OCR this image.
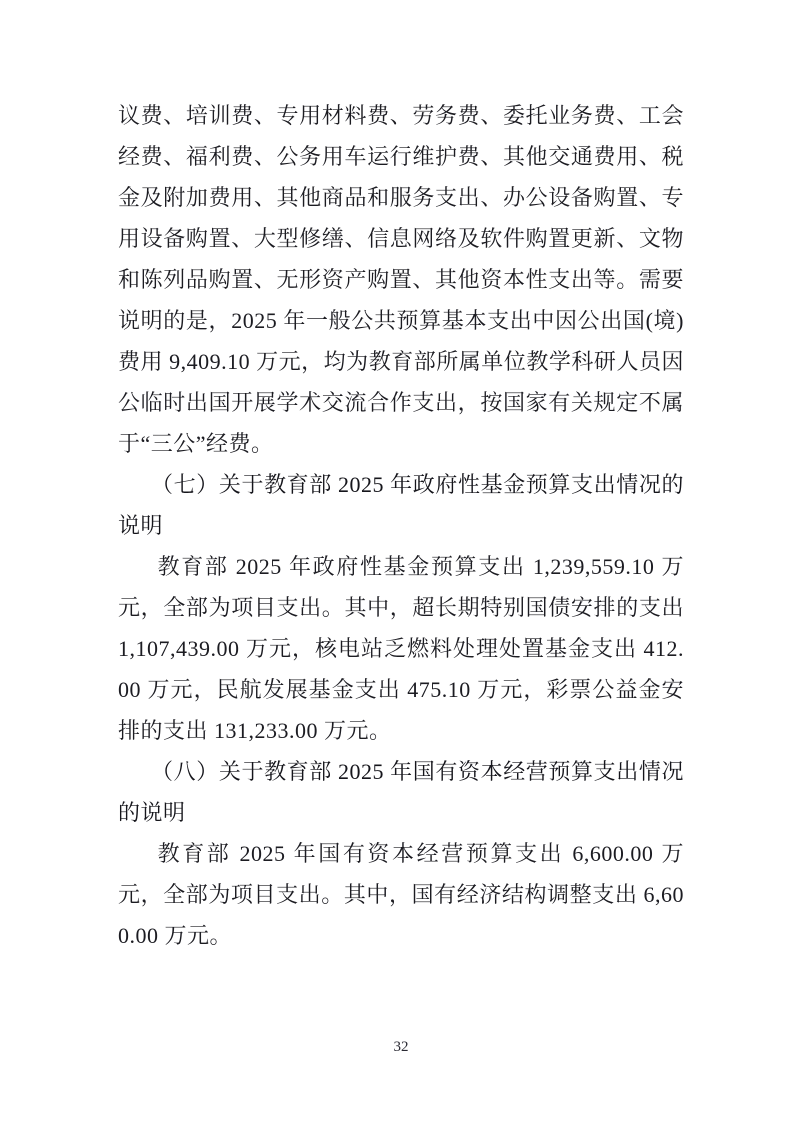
议费、培训费、专用材料费、劳务费、委托业务费、工会经费、福利费、公务用车运行维护费、其他交通费用、税金及附加费用、其他商品和服务支出、办公设备购置、专用设备购置、大型修缮、信息网络及软件购置更新、文物和陈列品购置、无形资产购置、其他资本性支出等。需要说明的是，2025 年一般公共预算基本支出中因公出国(境)费用 9,409.10 万元，均为教育部所属单位教学科研人员因公临时出国开展学术交流合作支出，按国家有关规定不属于“三公”经费。

（七）关于教育部 2025 年政府性基金预算支出情况的说明

教育部 2025 年政府性基金预算支出 1,239,559.10 万元，全部为项目支出。其中，超长期特别国债安排的支出 1,107,439.00 万元，核电站乏燃料处理处置基金支出 412.00 万元，民航发展基金支出 475.10 万元，彩票公益金安排的支出 131,233.00 万元。

（八）关于教育部 2025 年国有资本经营预算支出情况的说明

教育部 2025 年国有资本经营预算支出 6,600.00 万元，全部为项目支出。其中，国有经济结构调整支出 6,600.00 万元。

32
